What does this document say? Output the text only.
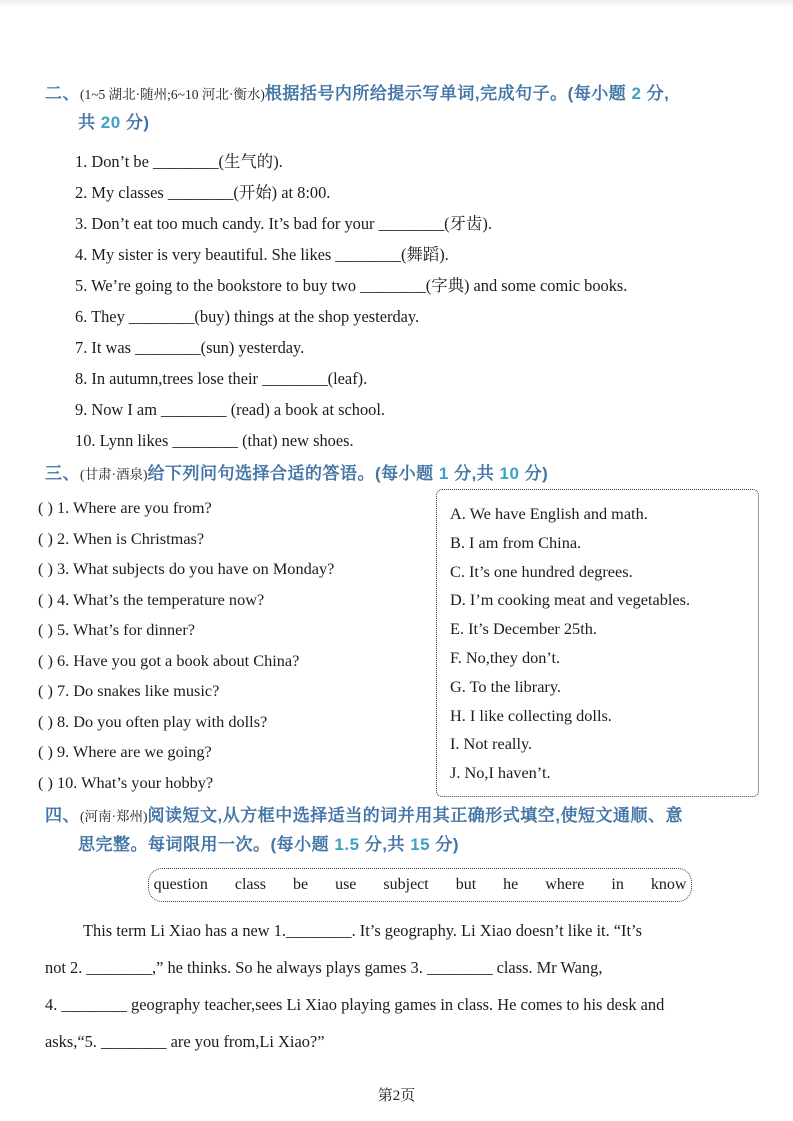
二、(1~5 湖北·随州;6~10 河北·衡水)根据括号内所给提示写单词,完成句子。(每小题 2 分,
共 20 分)
1. Don’t be ________(生气的).
2. My classes ________(开始) at 8:00.
3. Don’t eat too much candy. It’s bad for your ________(牙齿).
4. My sister is very beautiful. She likes ________(舞蹈).
5. We’re going to the bookstore to buy two ________(字典) and some comic books.
6. They ________(buy) things at the shop yesterday.
7. It was ________(sun) yesterday.
8. In autumn,trees lose their ________(leaf).
9. Now I am ________ (read) a book at school.
10. Lynn likes ________ (that) new shoes.
三、(甘肃·酒泉)给下列问句选择合适的答语。(每小题 1 分,共 10 分)
( ) 1. Where are you from?
( ) 2. When is Christmas?
( ) 3. What subjects do you have on Monday?
( ) 4. What’s the temperature now?
( ) 5. What’s for dinner?
( ) 6. Have you got a book about China?
( ) 7. Do snakes like music?
( ) 8. Do you often play with dolls?
( ) 9. Where are we going?
( ) 10. What’s your hobby?
A. We have English and math.
B. I am from China.
C. It’s one hundred degrees.
D. I’m cooking meat and vegetables.
E. It’s December 25th.
F. No,they don’t.
G. To the library.
H. I like collecting dolls.
I. Not really.
J. No,I haven’t.
四、(河南·郑州)阅读短文,从方框中选择适当的词并用其正确形式填空,使短文通顺、意
思完整。每词限用一次。(每小题 1.5 分,共 15 分)
question class be use subject but he where in know
This term Li Xiao has a new 1.________. It’s geography. Li Xiao doesn’t like it. “It’s
not 2. ________,” he thinks. So he always plays games 3. ________ class. Mr Wang,
4. ________ geography teacher,sees Li Xiao playing games in class. He comes to his desk and
asks,“5. ________ are you from,Li Xiao?”
第2页
